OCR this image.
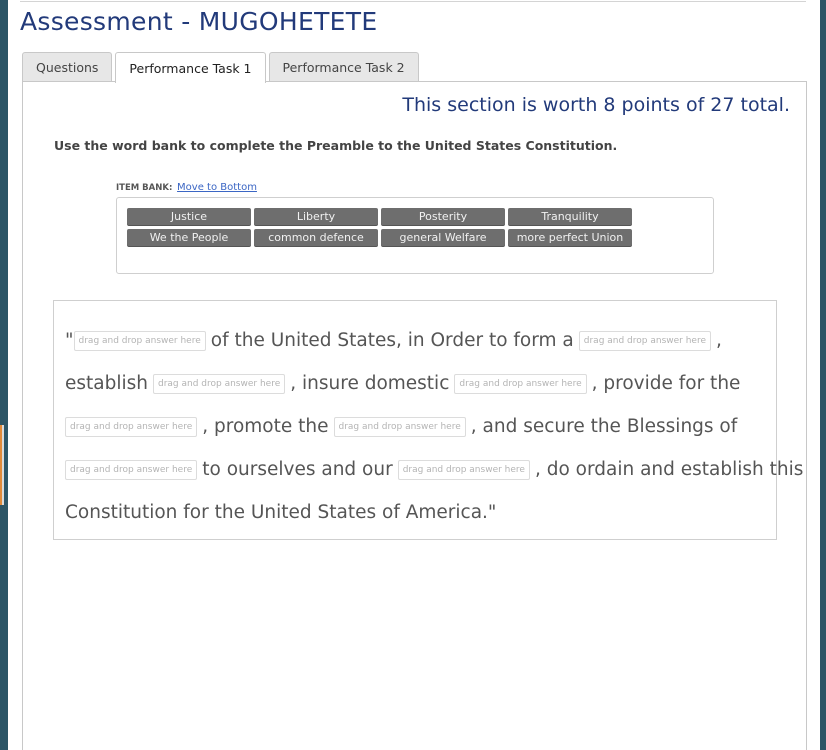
Assessment - MUGOHETETE
Questions	Performance Task 1	Performance Task 2
This section is worth 8 points of 27 total.
Use the word bank to complete the Preamble to the United States Constitution.
ITEM BANK: Move to Bottom
Justice	Liberty	Posterity	Tranquility
We the People	common defence	general Welfare	more perfect Union
" drag and drop answer here of the United States, in Order to form a	drag and drop answer here ,
establish	drag and drop answer here , insure domestic	drag and drop answer here , provide for the
drag and drop answer here , promote the	drag and drop answer here , and secure the Blessings of
drag and drop answer here to ourselves and our	drag and drop answer here , do ordain and establish this
Constitution for the United States of America."
